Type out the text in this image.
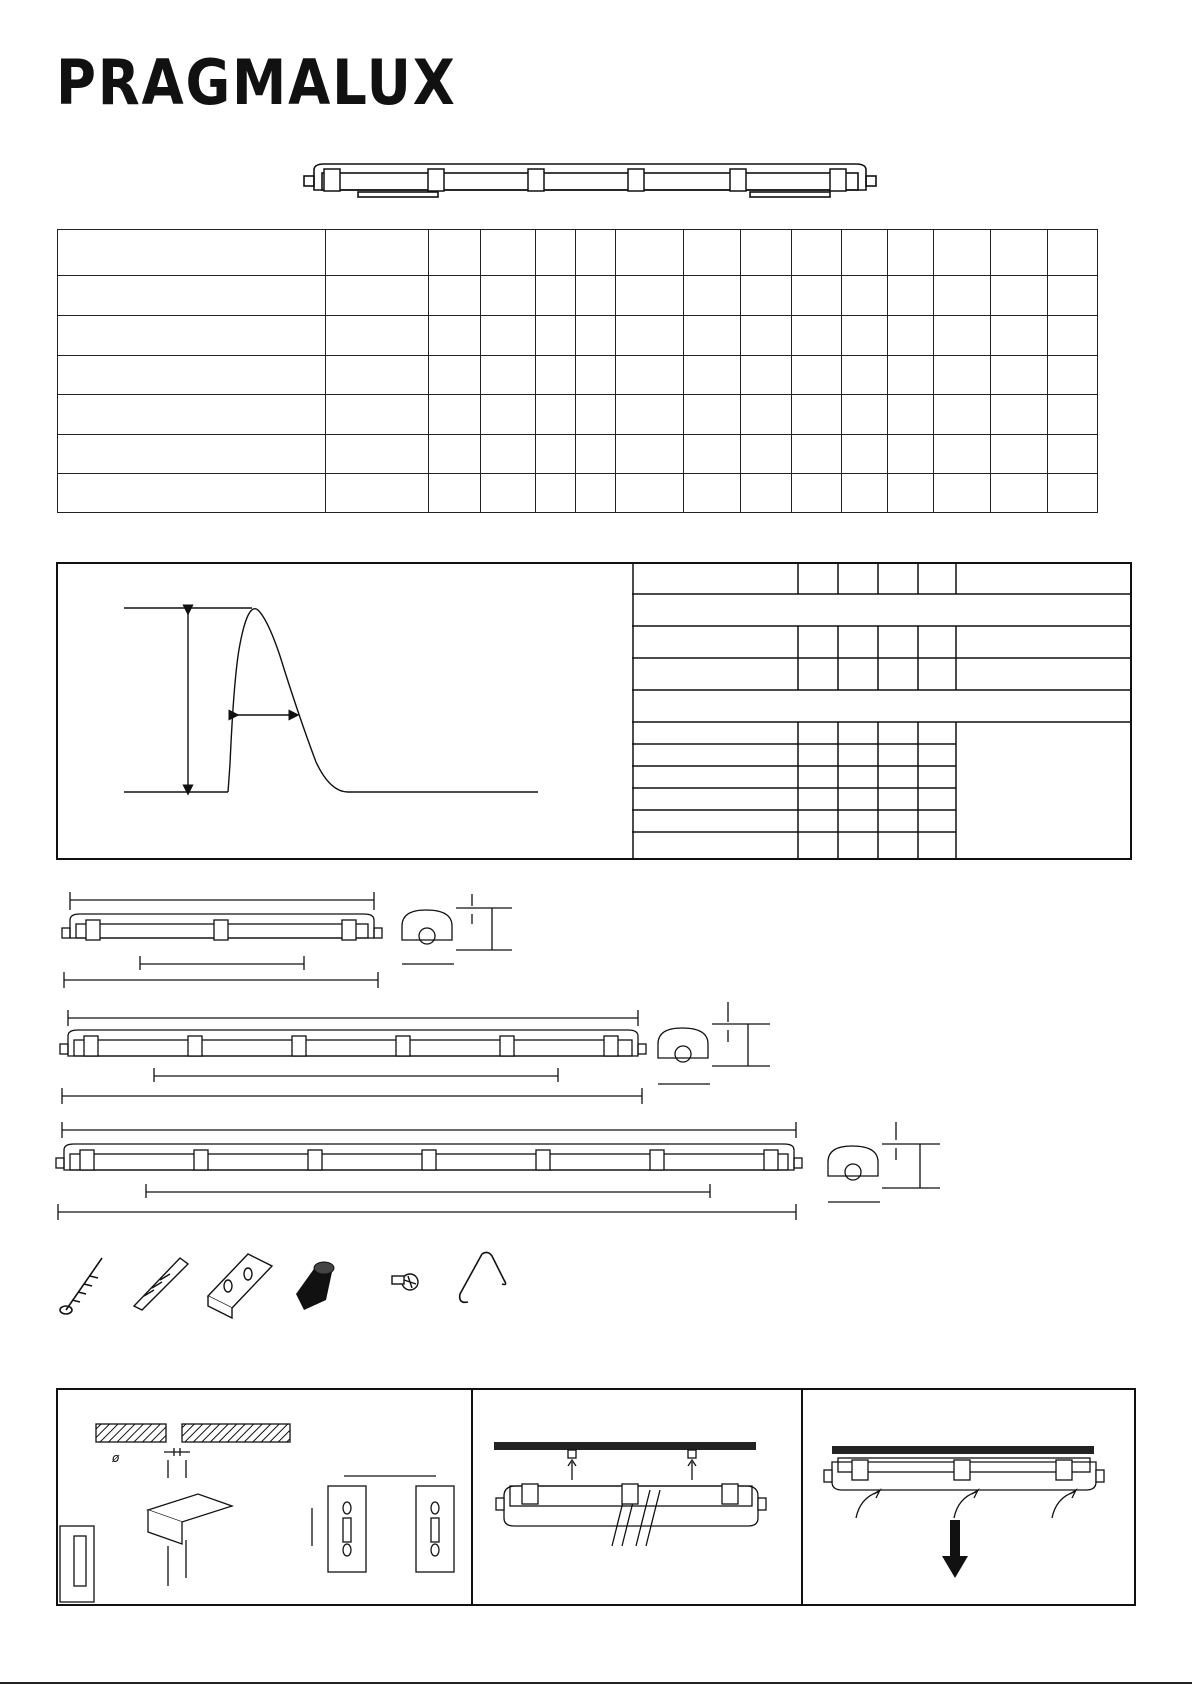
PRAGMALUX

ø
